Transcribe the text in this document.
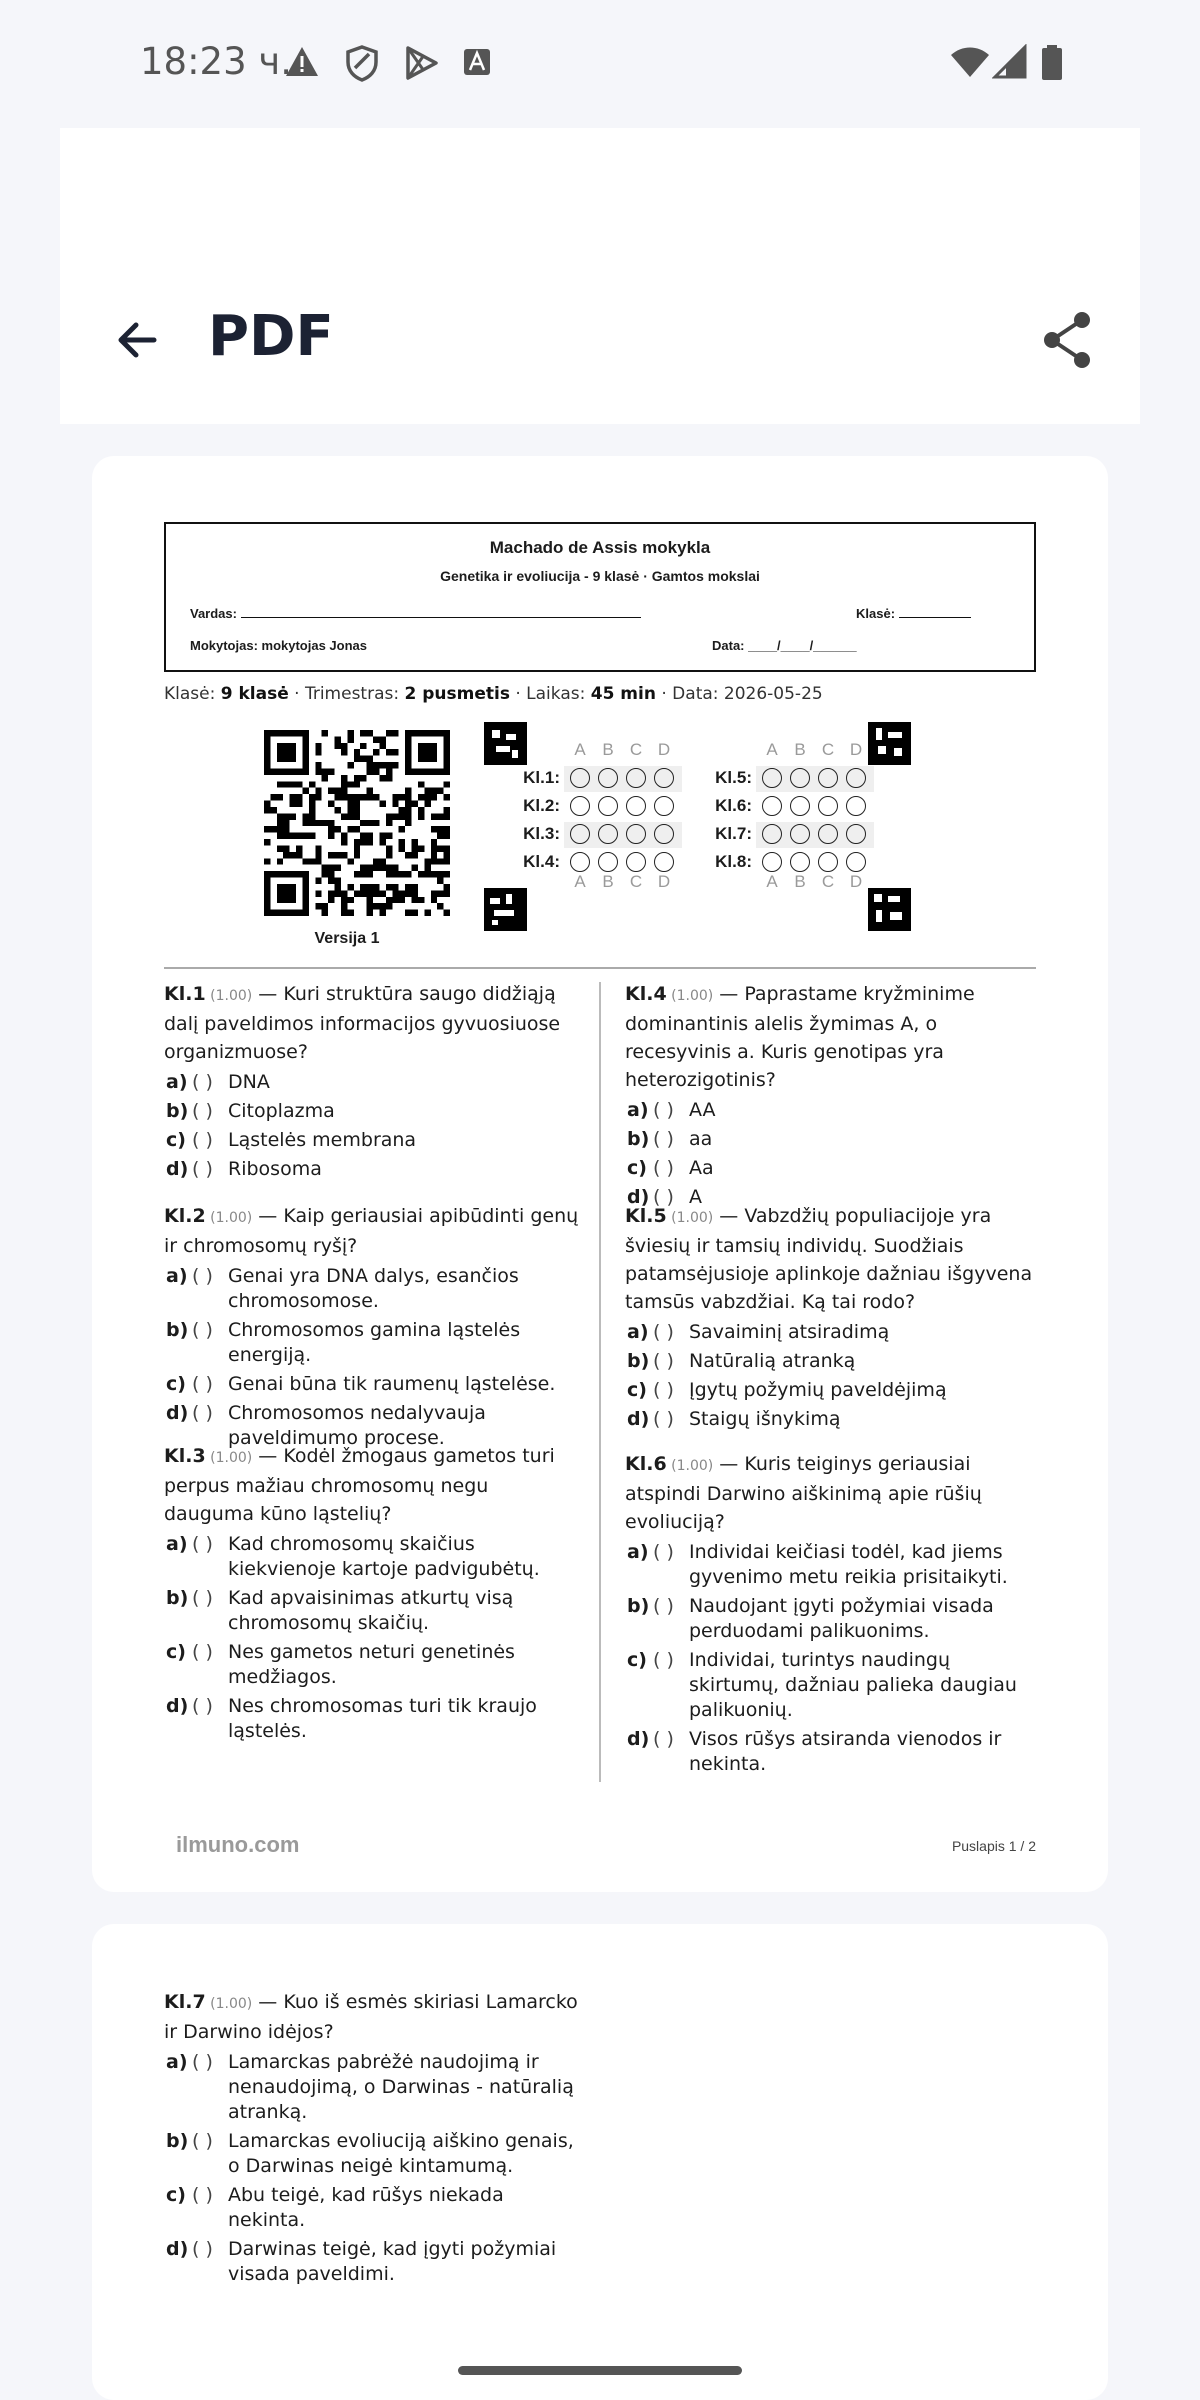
18:23 ч.
PDF
Machado de Assis mokykla
Genetika ir evoliucija - 9 klasė · Gamtos mokslai
Vardas:	Klasė:
Mokytojas: mokytojas Jonas	Data: ____/____/______
Klasė: 9 klasė · Trimestras: 2 pusmetis · Laikas: 45 min · Data: 2026-05-25
Versija 1
A B C D
A B C D
Kl.1:
Kl.2:
Kl.3:
Kl.4:
A B C D
A B C D
Kl.5:
Kl.6:
Kl.7:
Kl.8:
Kl.1 (1.00) — Kuri struktūra saugo didžiąją dalį paveldimos informacijos gyvuosiuose organizmuose?
a) ( ) DNA
b) ( ) Citoplazma
c) ( ) Ląstelės membrana
d) ( ) Ribosoma
Kl.2 (1.00) — Kaip geriausiai apibūdinti genų ir chromosomų ryšį?
a) ( ) Genai yra DNA dalys, esančios chromosomose.
b) ( ) Chromosomos gamina ląstelės energiją.
c) ( ) Genai būna tik raumenų ląstelėse.
d) ( ) Chromosomos nedalyvauja paveldimumo procese.
Kl.3 (1.00) — Kodėl žmogaus gametos turi perpus mažiau chromosomų negu dauguma kūno ląstelių?
a) ( ) Kad chromosomų skaičius kiekvienoje kartoje padvigubėtų.
b) ( ) Kad apvaisinimas atkurtų visą chromosomų skaičių.
c) ( ) Nes gametos neturi genetinės medžiagos.
d) ( ) Nes chromosomas turi tik kraujo ląstelės.
Kl.4 (1.00) — Paprastame kryžminime dominantinis alelis žymimas A, o recesyvinis a. Kuris genotipas yra heterozigotinis?
a) ( ) AA
b) ( ) aa
c) ( ) Aa
d) ( ) A
Kl.5 (1.00) — Vabzdžių populiacijoje yra šviesių ir tamsių individų. Suodžiais patamsėjusioje aplinkoje dažniau išgyvena tamsūs vabzdžiai. Ką tai rodo?
a) ( ) Savaiminį atsiradimą
b) ( ) Natūralią atranką
c) ( ) Įgytų požymių paveldėjimą
d) ( ) Staigų išnykimą
Kl.6 (1.00) — Kuris teiginys geriausiai atspindi Darwino aiškinimą apie rūšių evoliuciją?
a) ( ) Individai keičiasi todėl, kad jiems gyvenimo metu reikia prisitaikyti.
b) ( ) Naudojant įgyti požymiai visada perduodami palikuonims.
c) ( ) Individai, turintys naudingų skirtumų, dažniau palieka daugiau palikuonių.
d) ( ) Visos rūšys atsiranda vienodos ir nekinta.
ilmuno.com	Puslapis 1 / 2
Kl.7 (1.00) — Kuo iš esmės skiriasi Lamarcko ir Darwino idėjos?
a) ( ) Lamarckas pabrėžė naudojimą ir nenaudojimą, o Darwinas - natūralią atranką.
b) ( ) Lamarckas evoliuciją aiškino genais, o Darwinas neigė kintamumą.
c) ( ) Abu teigė, kad rūšys niekada nekinta.
d) ( ) Darwinas teigė, kad įgyti požymiai visada paveldimi.
